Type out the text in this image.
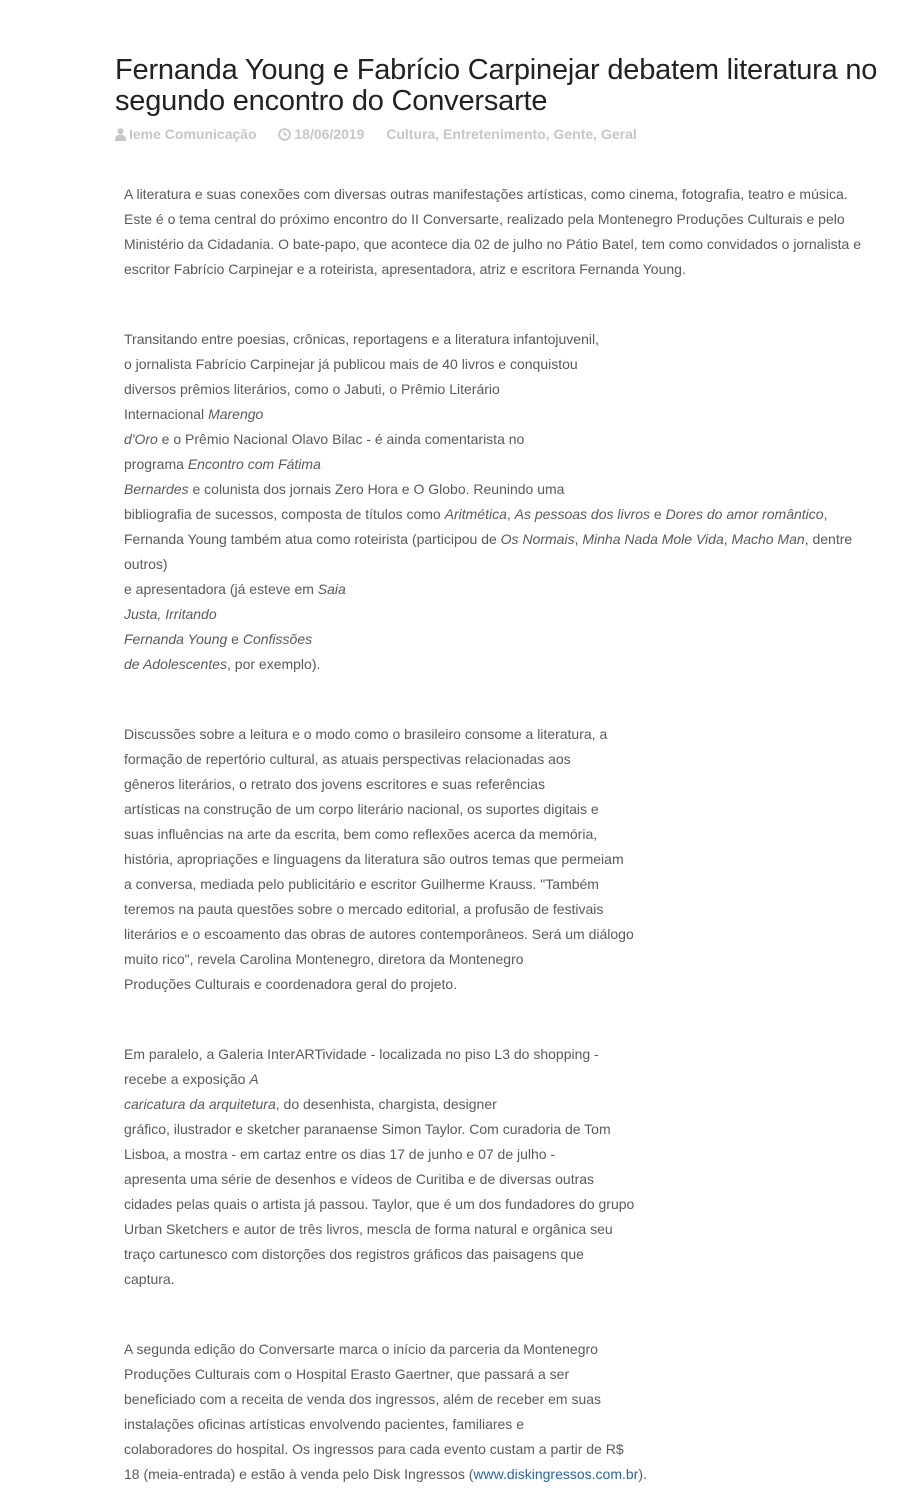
Fernanda Young e Fabrício Carpinejar debatem literatura no segundo encontro do Conversarte
Ieme Comunicação	18/06/2019 Cultura, Entretenimento, Gente, Geral

A literatura e suas conexões com diversas outras manifestações artísticas, como cinema, fotografia, teatro e música.
Este é o tema central do próximo encontro do II Conversarte, realizado pela Montenegro Produções Culturais e pelo
Ministério da Cidadania. O bate-papo, que acontece dia 02 de julho no Pátio Batel, tem como convidados o jornalista e
escritor Fabrício Carpinejar e a roteirista, apresentadora, atriz e escritora Fernanda Young.

Transitando entre poesias, crônicas, reportagens e a literatura infantojuvenil,
o jornalista Fabrício Carpinejar já publicou mais de 40 livros e conquistou
diversos prêmios literários, como o Jabuti, o Prêmio Literário
Internacional Marengo
d'Oro e o Prêmio Nacional Olavo Bilac - é ainda comentarista no
programa Encontro com Fátima
Bernardes e colunista dos jornais Zero Hora e O Globo. Reunindo uma
bibliografia de sucessos, composta de títulos como Aritmética, As pessoas dos livros e Dores do amor romântico,
Fernanda Young também atua como roteirista (participou de Os Normais, Minha Nada Mole Vida, Macho Man, dentre
outros)
e apresentadora (já esteve em Saia
Justa, Irritando
Fernanda Young e Confissões
de Adolescentes, por exemplo).

Discussões sobre a leitura e o modo como o brasileiro consome a literatura, a
formação de repertório cultural, as atuais perspectivas relacionadas aos
gêneros literários, o retrato dos jovens escritores e suas referências
artísticas na construção de um corpo literário nacional, os suportes digitais e
suas influências na arte da escrita, bem como reflexões acerca da memória,
história, apropriações e linguagens da literatura são outros temas que permeiam
a conversa, mediada pelo publicitário e escritor Guilherme Krauss. "Também
teremos na pauta questões sobre o mercado editorial, a profusão de festivais
literários e o escoamento das obras de autores contemporâneos. Será um diálogo
muito rico", revela Carolina Montenegro, diretora da Montenegro
Produções Culturais e coordenadora geral do projeto.

Em paralelo, a Galeria InterARTividade - localizada no piso L3 do shopping -
recebe a exposição A
caricatura da arquitetura, do desenhista, chargista, designer
gráfico, ilustrador e sketcher paranaense Simon Taylor. Com curadoria de Tom
Lisboa, a mostra - em cartaz entre os dias 17 de junho e 07 de julho -
apresenta uma série de desenhos e vídeos de Curitiba e de diversas outras
cidades pelas quais o artista já passou. Taylor, que é um dos fundadores do grupo
Urban Sketchers e autor de três livros, mescla de forma natural e orgânica seu
traço cartunesco com distorções dos registros gráficos das paisagens que
captura.

A segunda edição do Conversarte marca o início da parceria da Montenegro
Produções Culturais com o Hospital Erasto Gaertner, que passará a ser
beneficiado com a receita de venda dos ingressos, além de receber em suas
instalações oficinas artísticas envolvendo pacientes, familiares e
colaboradores do hospital. Os ingressos para cada evento custam a partir de R$
18 (meia-entrada) e estão à venda pelo Disk Ingressos (www.diskingressos.com.br).
